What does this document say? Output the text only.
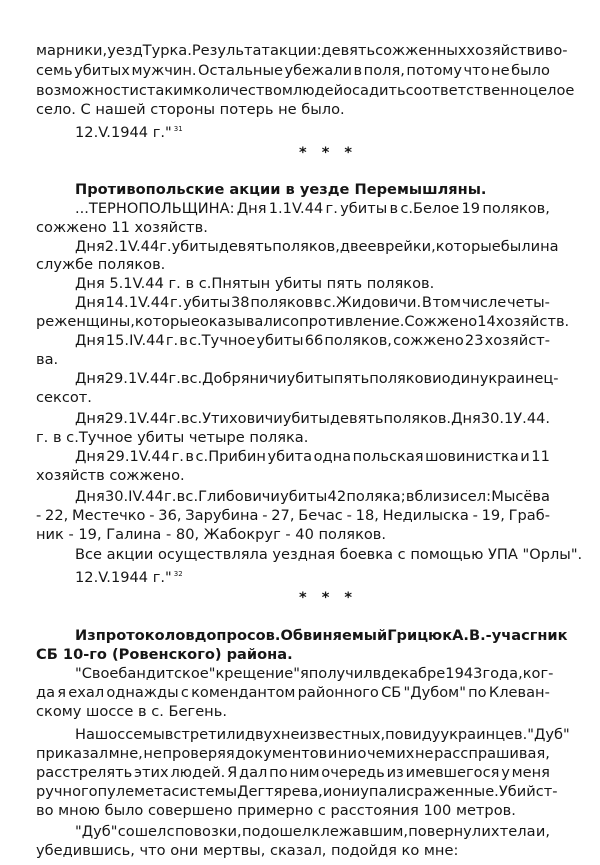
марники, уезд Турка. Результат акции: девять сожженных хозяйств и во-
семь убитых мужчин. Остальные убежали в поля, потому что не было
возможности с таким количеством людей осадить соответственно целое
село. С нашей стороны потерь не было.
12.V.1944 г." $^{31}$
* * *
Противопольские акции в уезде Перемышляны.
...ТЕРНОПОЛЬЩИНА: Дня 1.1V.44 г. убиты в с.Белое 19 поляков,
сожжено 11 хозяйств.
Дня 2.1V.44 г. убиты девять поляков, две еврейки, которые были на
службе поляков.
Дня 5.1V.44 г. в с.Пнятын убиты пять поляков.
Дня 14.1V.44 г. убиты 38 поляков в с.Жидовичи. В том числе четы-
ре женщины, которые оказывали сопротивление. Сожжено 14 хозяйств.
Дня 15.IV.44 г. в с.Тучное убиты 66 поляков, сожжено 23 хозяйст-
ва.
Дня 29.1V.44 г. в с.Добряничи убиты пять поляков и один украинец-
сексот.
Дня 29.1V.44 г. в с.Утиховичи убиты девять поляков. Дня 30.1У.44.
г. в с.Тучное убиты четыре поляка.
Дня 29.1V.44 г. в с.Прибин убита одна польская шовинистка и 11
хозяйств сожжено.
Дня 30.IV.44 г. в с.Глибовичи убиты 42 поляка; вблизи сел: Мысёва
- 22, Местечко - 36, Зарубина - 27, Бечас - 18, Недилыска - 19, Граб-
ник - 19, Галина - 80, Жабокруг - 40 поляков.
Все акции осуществляла уездная боевка с помощью УПА "Орлы".
12.V.1944 г." $^{32}$
* * *
Из протоколов допросов. Обвиняемый Грицюк А. В.- учасгник
СБ 10-го (Ровенского) района.
"Свое бандитское "крещение" я получил в декабре 1943 года, ког-
да я ехал однажды с комендантом районного СБ "Дубом" по Клеван-
скому шоссе в с. Бегень.
На шоссе мы встретили двух неизвестных, по виду украинцев. "Дуб"
приказал мне, не проверяя документов и ни о чем их не расспрашивая,
расстрелять этих людей. Я дал по ним очередь из имевшегося у меня
ручного пулемета системы Дегтярева, и они упали сраженные. Убийст-
во мною было совершено примерно с расстояния 100 метров.
"Дуб" сошел с повозки, подошел к лежавшим, повернул их тела и,
убедившись, что они мертвы, сказал, подойдя ко мне:
